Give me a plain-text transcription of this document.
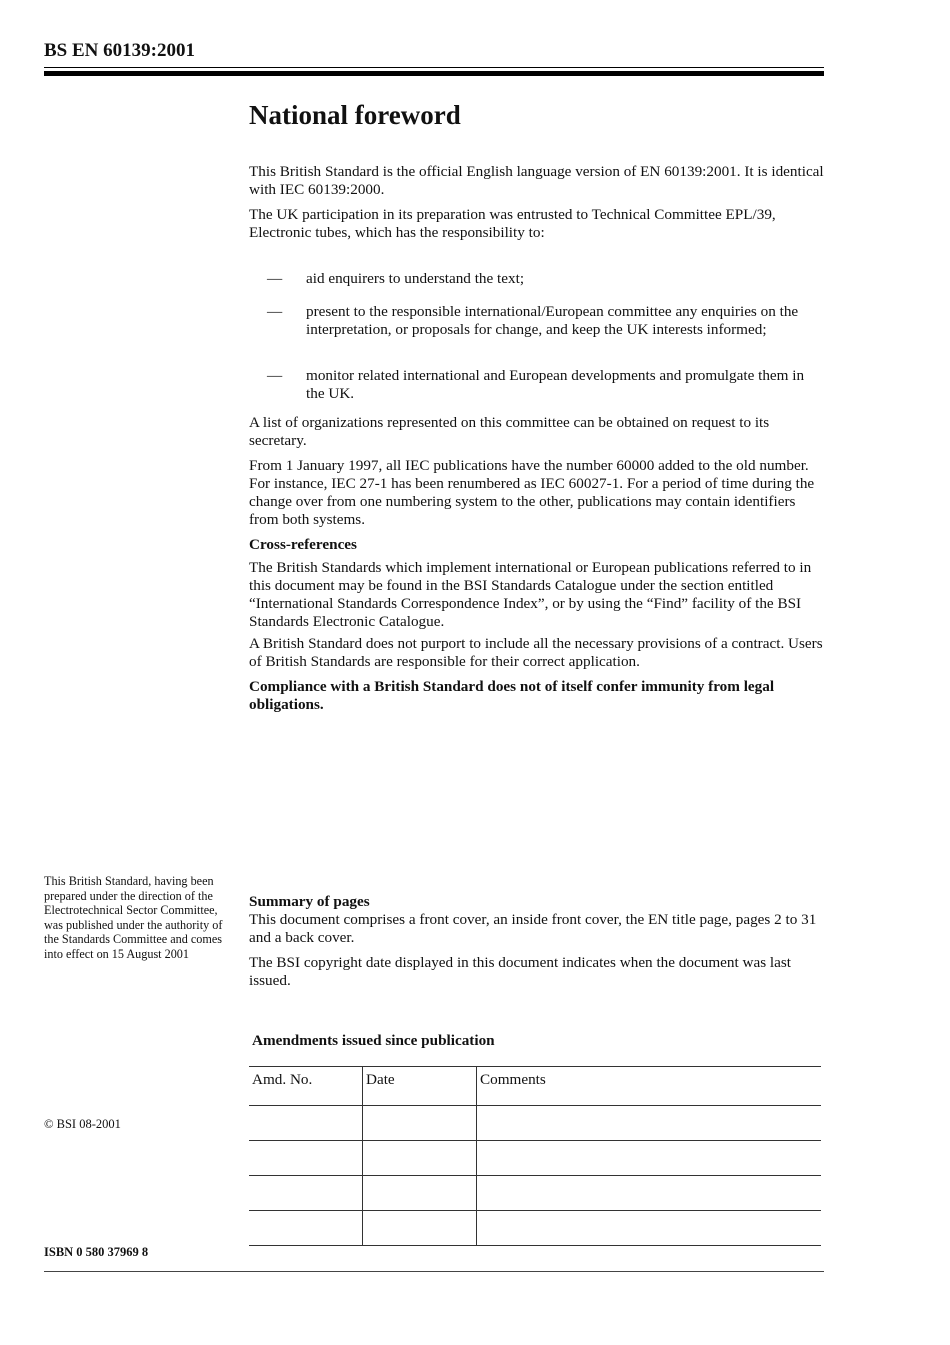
BS EN 60139:2001

National foreword

This British Standard is the official English language version of EN 60139:2001. It is identical with IEC 60139:2000.

The UK participation in its preparation was entrusted to Technical Committee EPL/39, Electronic tubes, which has the responsibility to:

— aid enquirers to understand the text;
— present to the responsible international/European committee any enquiries on the interpretation, or proposals for change, and keep the UK interests informed;
— monitor related international and European developments and promulgate them in the UK.

A list of organizations represented on this committee can be obtained on request to its secretary.

From 1 January 1997, all IEC publications have the number 60000 added to the old number. For instance, IEC 27-1 has been renumbered as IEC 60027-1. For a period of time during the change over from one numbering system to the other, publications may contain identifiers from both systems.

Cross-references

The British Standards which implement international or European publications referred to in this document may be found in the BSI Standards Catalogue under the section entitled “International Standards Correspondence Index”, or by using the “Find” facility of the BSI Standards Electronic Catalogue.

A British Standard does not purport to include all the necessary provisions of a contract. Users of British Standards are responsible for their correct application.

Compliance with a British Standard does not of itself confer immunity from legal obligations.

This British Standard, having been prepared under the direction of the Electrotechnical Sector Committee, was published under the authority of the Standards Committee and comes into effect on 15 August 2001

Summary of pages

This document comprises a front cover, an inside front cover, the EN title page, pages 2 to 31 and a back cover.

The BSI copyright date displayed in this document indicates when the document was last issued.

Amendments issued since publication

Amd. No.	Date	Comments

© BSI 08-2001

ISBN 0 580 37969 8
